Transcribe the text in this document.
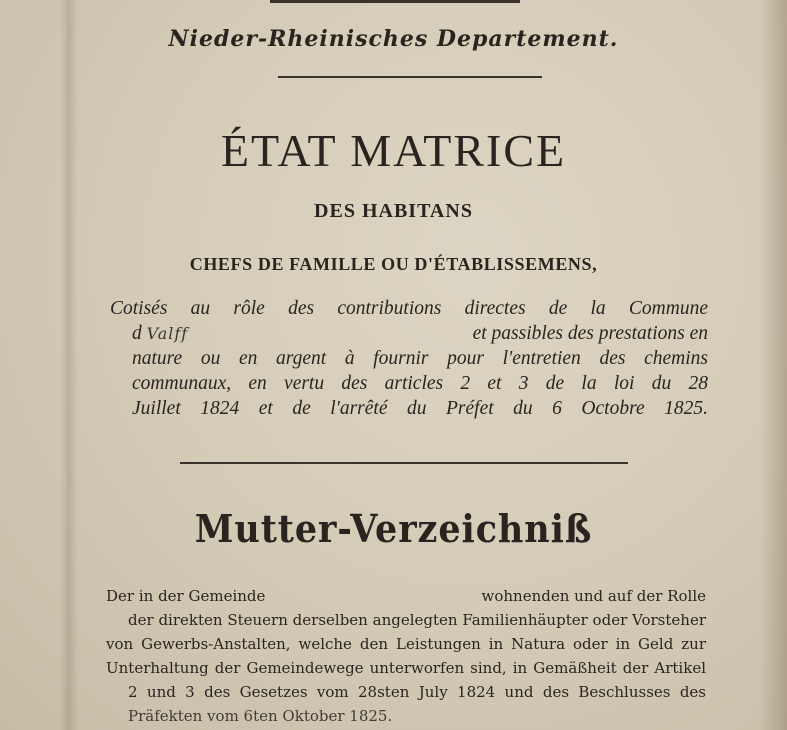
Nieder-Rheinisches Departement.
ÉTAT MATRICE
DES HABITANS
CHEFS DE FAMILLE OU D'ÉTABLISSEMENS,
Cotisés au rôle des contributions directes de la Commune
d Valff	et passibles des prestations en
nature ou en argent à fournir pour l'entretien des chemins
communaux, en vertu des articles 2 et 3 de la loi du 28
Juillet 1824 et de l'arrêté du Préfet du 6 Octobre 1825.
Mutter-Verzeichniß
Der in der Gemeinde	wohnenden und auf der Rolle
der direkten Steuern derselben angelegten Familienhäupter oder Vorsteher
von Gewerbs-Anstalten, welche den Leistungen in Natura oder in Geld zur
Unterhaltung der Gemeindewege unterworfen sind, in Gemäßheit der Artikel
2 und 3 des Gesetzes vom 28sten July 1824 und des Beschlusses des
Präfekten vom 6ten Oktober 1825.
